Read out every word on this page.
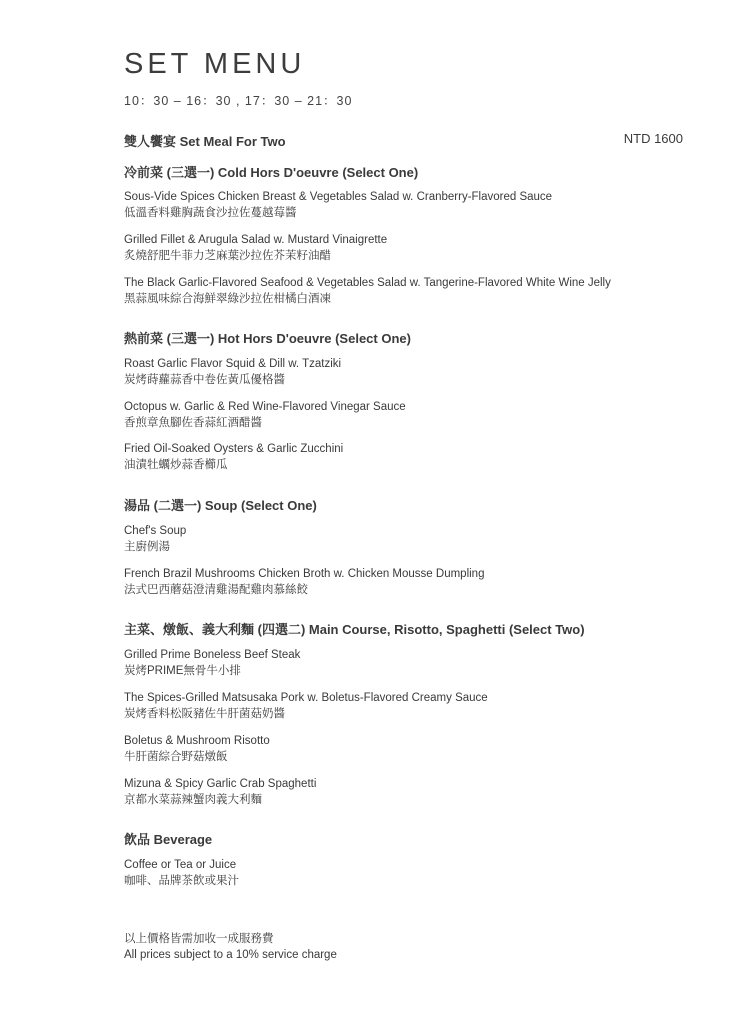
SET MENU
10：30 – 16：30 , 17：30 – 21：30
雙人饗宴 Set Meal For Two	NTD 1600
冷前菜 (三選一) Cold Hors D'oeuvre (Select One)
Sous-Vide Spices Chicken Breast & Vegetables Salad w. Cranberry-Flavored Sauce
低溫香料雞胸蔬食沙拉佐蔓越莓醬
Grilled Fillet & Arugula Salad w. Mustard Vinaigrette
炙燒舒肥牛菲力芝麻葉沙拉佐芥茉籽油醋
The Black Garlic-Flavored Seafood & Vegetables Salad w. Tangerine-Flavored White Wine Jelly
黑蒜風味綜合海鮮翠綠沙拉佐柑橘白酒凍
熱前菜 (三選一) Hot Hors D'oeuvre (Select One)
Roast Garlic Flavor Squid & Dill w. Tzatziki
炭烤蒔蘿蒜香中卷佐黃瓜優格醬
Octopus w. Garlic & Red Wine-Flavored Vinegar Sauce
香煎章魚腳佐香蒜紅酒醋醬
Fried Oil-Soaked Oysters & Garlic Zucchini
油漬牡蠣炒蒜香櫛瓜
湯品 (二選一) Soup (Select One)
Chef's Soup
主廚例湯
French Brazil Mushrooms Chicken Broth w. Chicken Mousse Dumpling
法式巴西蘑菇澄清雞湯配雞肉慕絲餃
主菜、燉飯、義大利麵 (四選二) Main Course, Risotto, Spaghetti (Select Two)
Grilled Prime Boneless Beef Steak
炭烤PRIME無骨牛小排
The Spices-Grilled Matsusaka Pork w. Boletus-Flavored Creamy Sauce
炭烤香料松阪豬佐牛肝菌菇奶醬
Boletus & Mushroom Risotto
牛肝菌綜合野菇燉飯
Mizuna & Spicy Garlic Crab Spaghetti
京都水菜蒜辣蟹肉義大利麵
飲品 Beverage
Coffee or Tea or Juice
咖啡、品牌茶飲或果汁
以上價格皆需加收一成服務費
All prices subject to a 10% service charge
